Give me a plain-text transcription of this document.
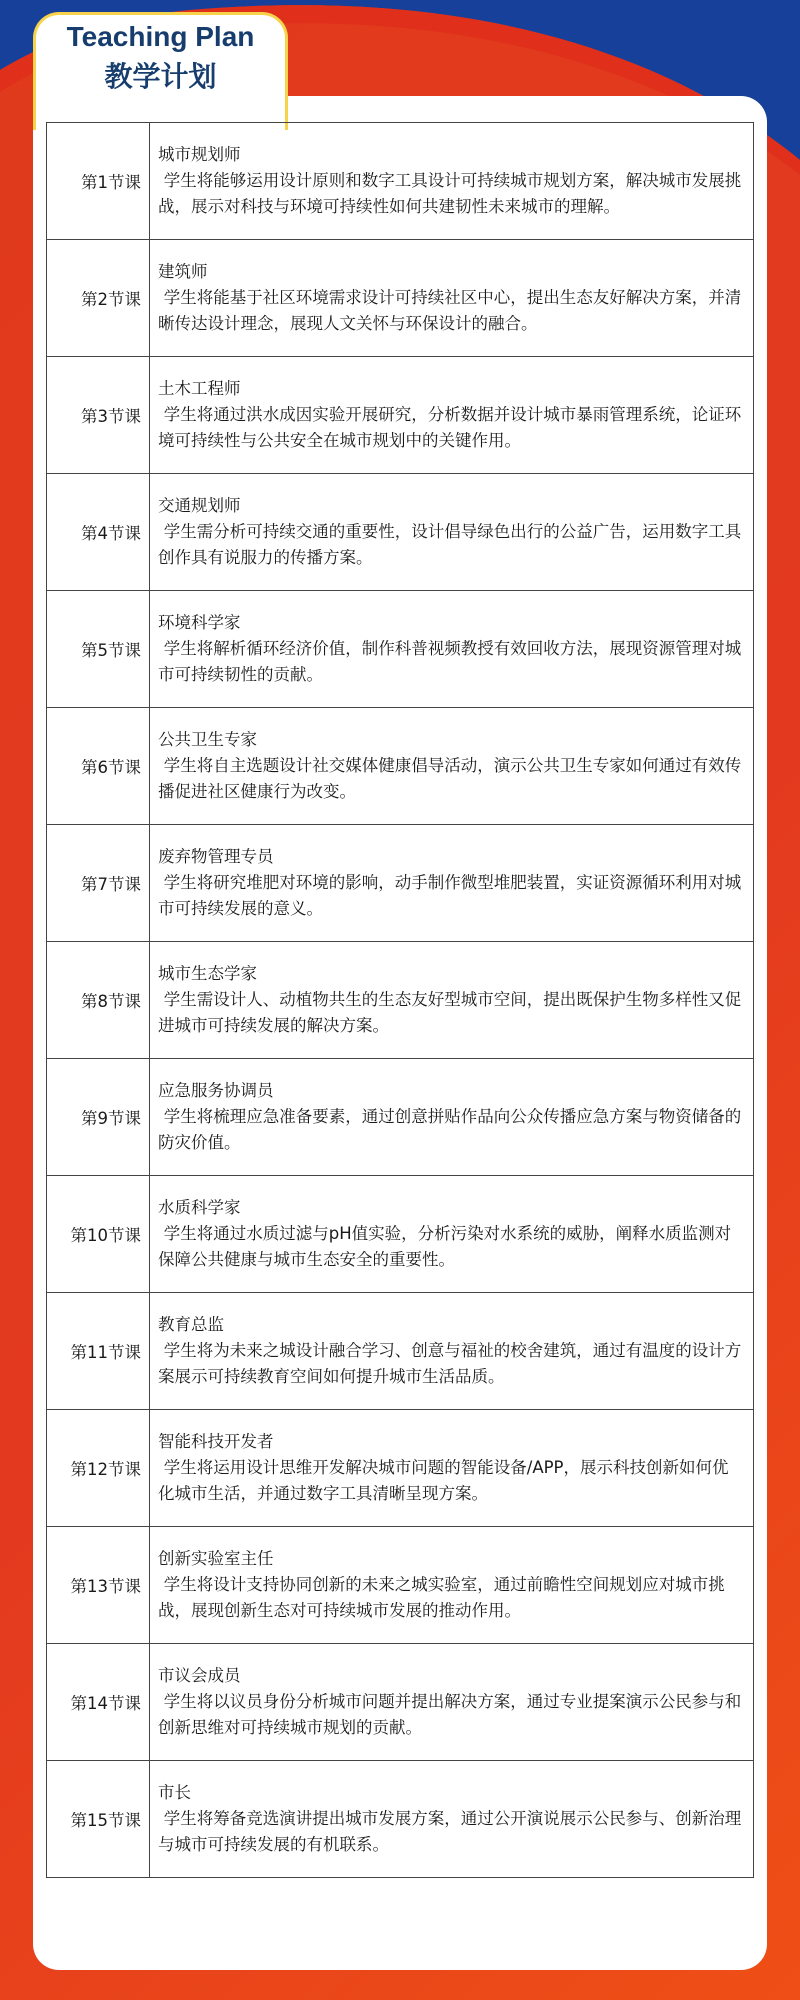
Teaching Plan
教学计划
第1节课	城市规划师
学生将能够运用设计原则和数字工具设计可持续城市规划方案，解决城市发展挑战，展示对科技与环境可持续性如何共建韧性未来城市的理解。

第2节课	建筑师
学生将能基于社区环境需求设计可持续社区中心，提出生态友好解决方案，并清晰传达设计理念，展现人文关怀与环保设计的融合。

第3节课	土木工程师
学生将通过洪水成因实验开展研究，分析数据并设计城市暴雨管理系统，论证环境可持续性与公共安全在城市规划中的关键作用。

第4节课	交通规划师
学生需分析可持续交通的重要性，设计倡导绿色出行的公益广告，运用数字工具创作具有说服力的传播方案。

第5节课	环境科学家
学生将解析循环经济价值，制作科普视频教授有效回收方法，展现资源管理对城市可持续韧性的贡献。

第6节课	公共卫生专家
学生将自主选题设计社交媒体健康倡导活动，演示公共卫生专家如何通过有效传播促进社区健康行为改变。

第7节课	废弃物管理专员
学生将研究堆肥对环境的影响，动手制作微型堆肥装置，实证资源循环利用对城市可持续发展的意义。

第8节课	城市生态学家
学生需设计人、动植物共生的生态友好型城市空间，提出既保护生物多样性又促进城市可持续发展的解决方案。

第9节课	应急服务协调员
学生将梳理应急准备要素，通过创意拼贴作品向公众传播应急方案与物资储备的防灾价值。

第10节课	水质科学家
学生将通过水质过滤与pH值实验，分析污染对水系统的威胁，阐释水质监测对保障公共健康与城市生态安全的重要性。

第11节课	教育总监
学生将为未来之城设计融合学习、创意与福祉的校舍建筑，通过有温度的设计方案展示可持续教育空间如何提升城市生活品质。

第12节课	智能科技开发者
学生将运用设计思维开发解决城市问题的智能设备/APP，展示科技创新如何优化城市生活，并通过数字工具清晰呈现方案。

第13节课	创新实验室主任
学生将设计支持协同创新的未来之城实验室，通过前瞻性空间规划应对城市挑战，展现创新生态对可持续城市发展的推动作用。

第14节课	市议会成员
学生将以议员身份分析城市问题并提出解决方案，通过专业提案演示公民参与和创新思维对可持续城市规划的贡献。

第15节课	市长
学生将筹备竞选演讲提出城市发展方案，通过公开演说展示公民参与、创新治理与城市可持续发展的有机联系。
